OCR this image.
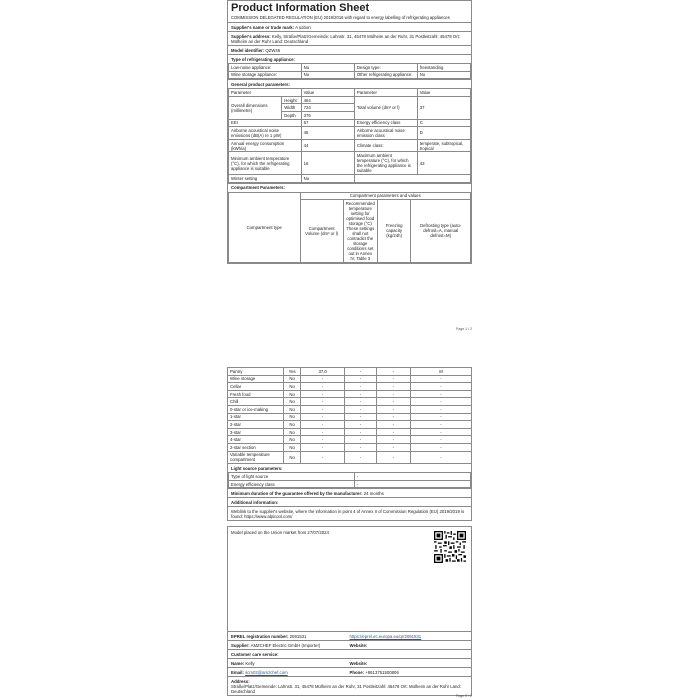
Product Information Sheet
COMMISSION DELEGATED REGULATION (EU) 2019/2016 with regard to energy labelling of refrigerating appliances
Supplier's name or trade mark: A sobon
Supplier's address: Kelly, Straße/Platz/Gemeinde: Lahnstr. 31, 45478 Mülheim an der Ruhr, 31 Postleitzahl: 45478 Ort: Mülheim an der Ruhr Land: Deutschland
Model identifier: QZW46
Type of refrigerating appliance:
Low-noise appliance:	No	Design type:	freestanding
Wine storage appliance:	No	Other refrigerating appliance:	No
General product parameters:
Parameter		Value	Parameter	Value
Overall dimensions (millimetre)	Height	464	Total volume (dm³ or l)	37
	Width	724		
	Depth	376		
EEI		57	Energy efficiency class	C
Airborne acoustical noise emissions (dB(A) re 1 pW)		45	Airborne acoustical noise emission class	D
Annual energy consumption (kWh/a)		44	Climate class:	temperate, subtropical, tropical
Minimum ambient temperature (°C), for which the refrigerating appliance is suitable		16	Maximum ambient temperature (°C), for which the refrigerating appliance is suitable	43
Winter setting		No		
Compartment Parameters:
Compartment type	Compartment parameters and values			
	Compartment Volume (dm³ or l)	Recommended temperature setting for optimised food storage (°C) These settings shall not contradict the storage conditions set out in Annex IV, Table 3	Freezing capacity (kg/24h)	Defrosting type (auto-defrost=A, manual defrost=M)
Page 1 / 2
Pantry	Yes	37,0	-	-	M
Wine storage	No	-	-	-	-
Cellar	No	-	-	-	-
Fresh food	No	-	-	-	-
Chill	No	-	-	-	-
0-star or ice-making	No	-	-	-	-
1-star	No	-	-	-	-
2-star	No	-	-	-	-
3-star	No	-	-	-	-
4-star	No	-	-	-	-
2-star section	No	-	-	-	-
Variable temperature compartment	No	-	-	-	-
Light source parameters:
Type of light source	-
Energy efficiency class	-
Minimum duration of the guarantee offered by the manufacturer: 24 months
Additional information:
Weblink to the supplier's website, where the information in point 4 of Annex II of Commission Regulation (EU) 2019/2019 is found: https://www.alpicool.com/
Model placed on the Union market from 27/07/2024
EPREL registration number: 2091531	https://eprel.ec.europa.eu/qr/2091531
Supplier: AMZCHEF Electric GmbH (Importer)	Website:
Customer care service:
Name: Kelly	Website:
Email: scm02@amzchef.com	Phone: +8613751500806
Address:
Straße/Platz/Gemeinde: Lahnstr. 31, 45478 Mülheim an der Ruhr, 31 Postleitzahl: 45478 Ort: Mülheim an der Ruhr Land: Deutschland
Page 2 / 2
